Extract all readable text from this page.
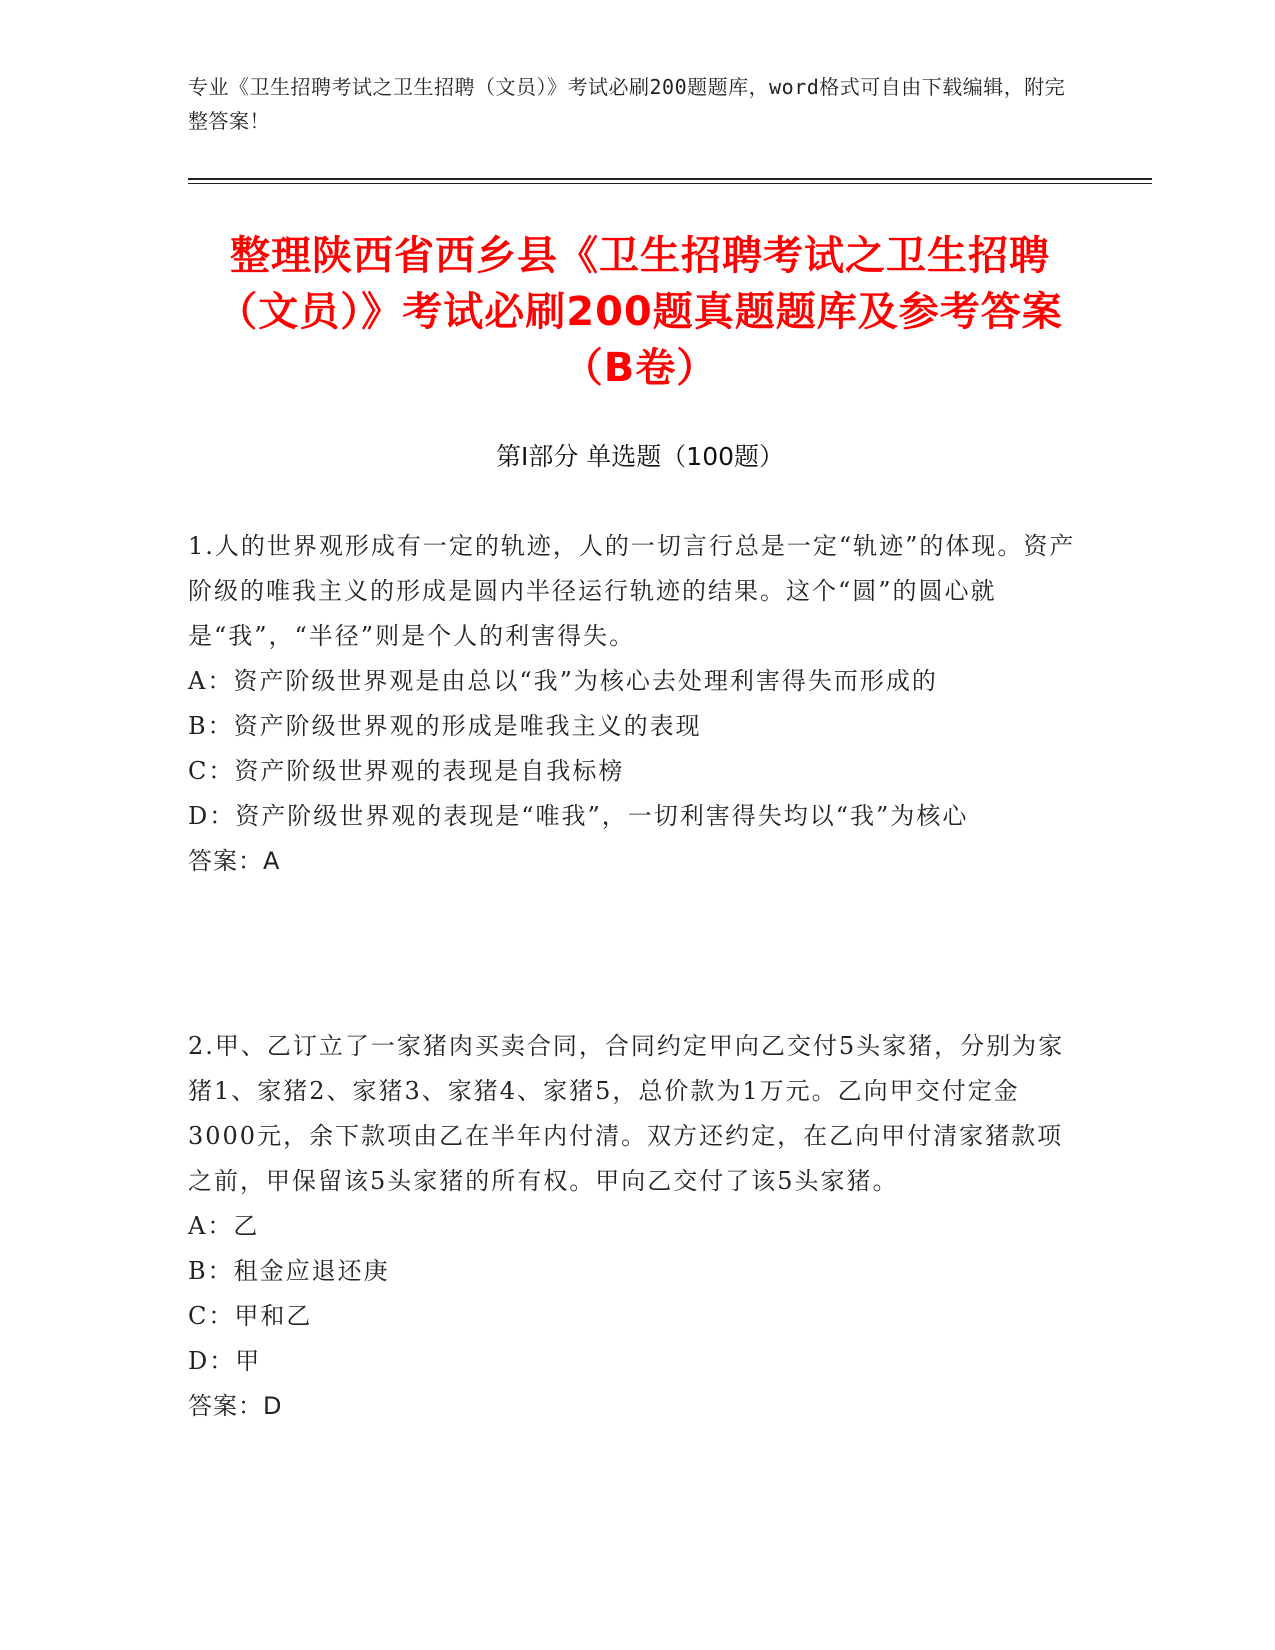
专业《卫生招聘考试之卫生招聘（文员）》考试必刷200题题库，word格式可自由下载编辑，附完整答案！
整理陕西省西乡县《卫生招聘考试之卫生招聘（文员）》考试必刷200题真题题库及参考答案（B卷）
第Ⅰ部分 单选题（100题）

1.人的世界观形成有一定的轨迹，人的一切言行总是一定“轨迹”的体现。资产阶级的唯我主义的形成是圆内半径运行轨迹的结果。这个“圆”的圆心就是“我”，“半径”则是个人的利害得失。

A：资产阶级世界观是由总以“我”为核心去处理利害得失而形成的

B：资产阶级世界观的形成是唯我主义的表现

C：资产阶级世界观的表现是自我标榜

D：资产阶级世界观的表现是“唯我”，一切利害得失均以“我”为核心

答案：A

2.甲、乙订立了一家猪肉买卖合同，合同约定甲向乙交付5头家猪，分别为家猪1、家猪2、家猪3、家猪4、家猪5，总价款为1万元。乙向甲交付定金3000元，余下款项由乙在半年内付清。双方还约定，在乙向甲付清家猪款项之前，甲保留该5头家猪的所有权。甲向乙交付了该5头家猪。

A：乙

B：租金应退还庚

C：甲和乙

D：甲

答案：D
